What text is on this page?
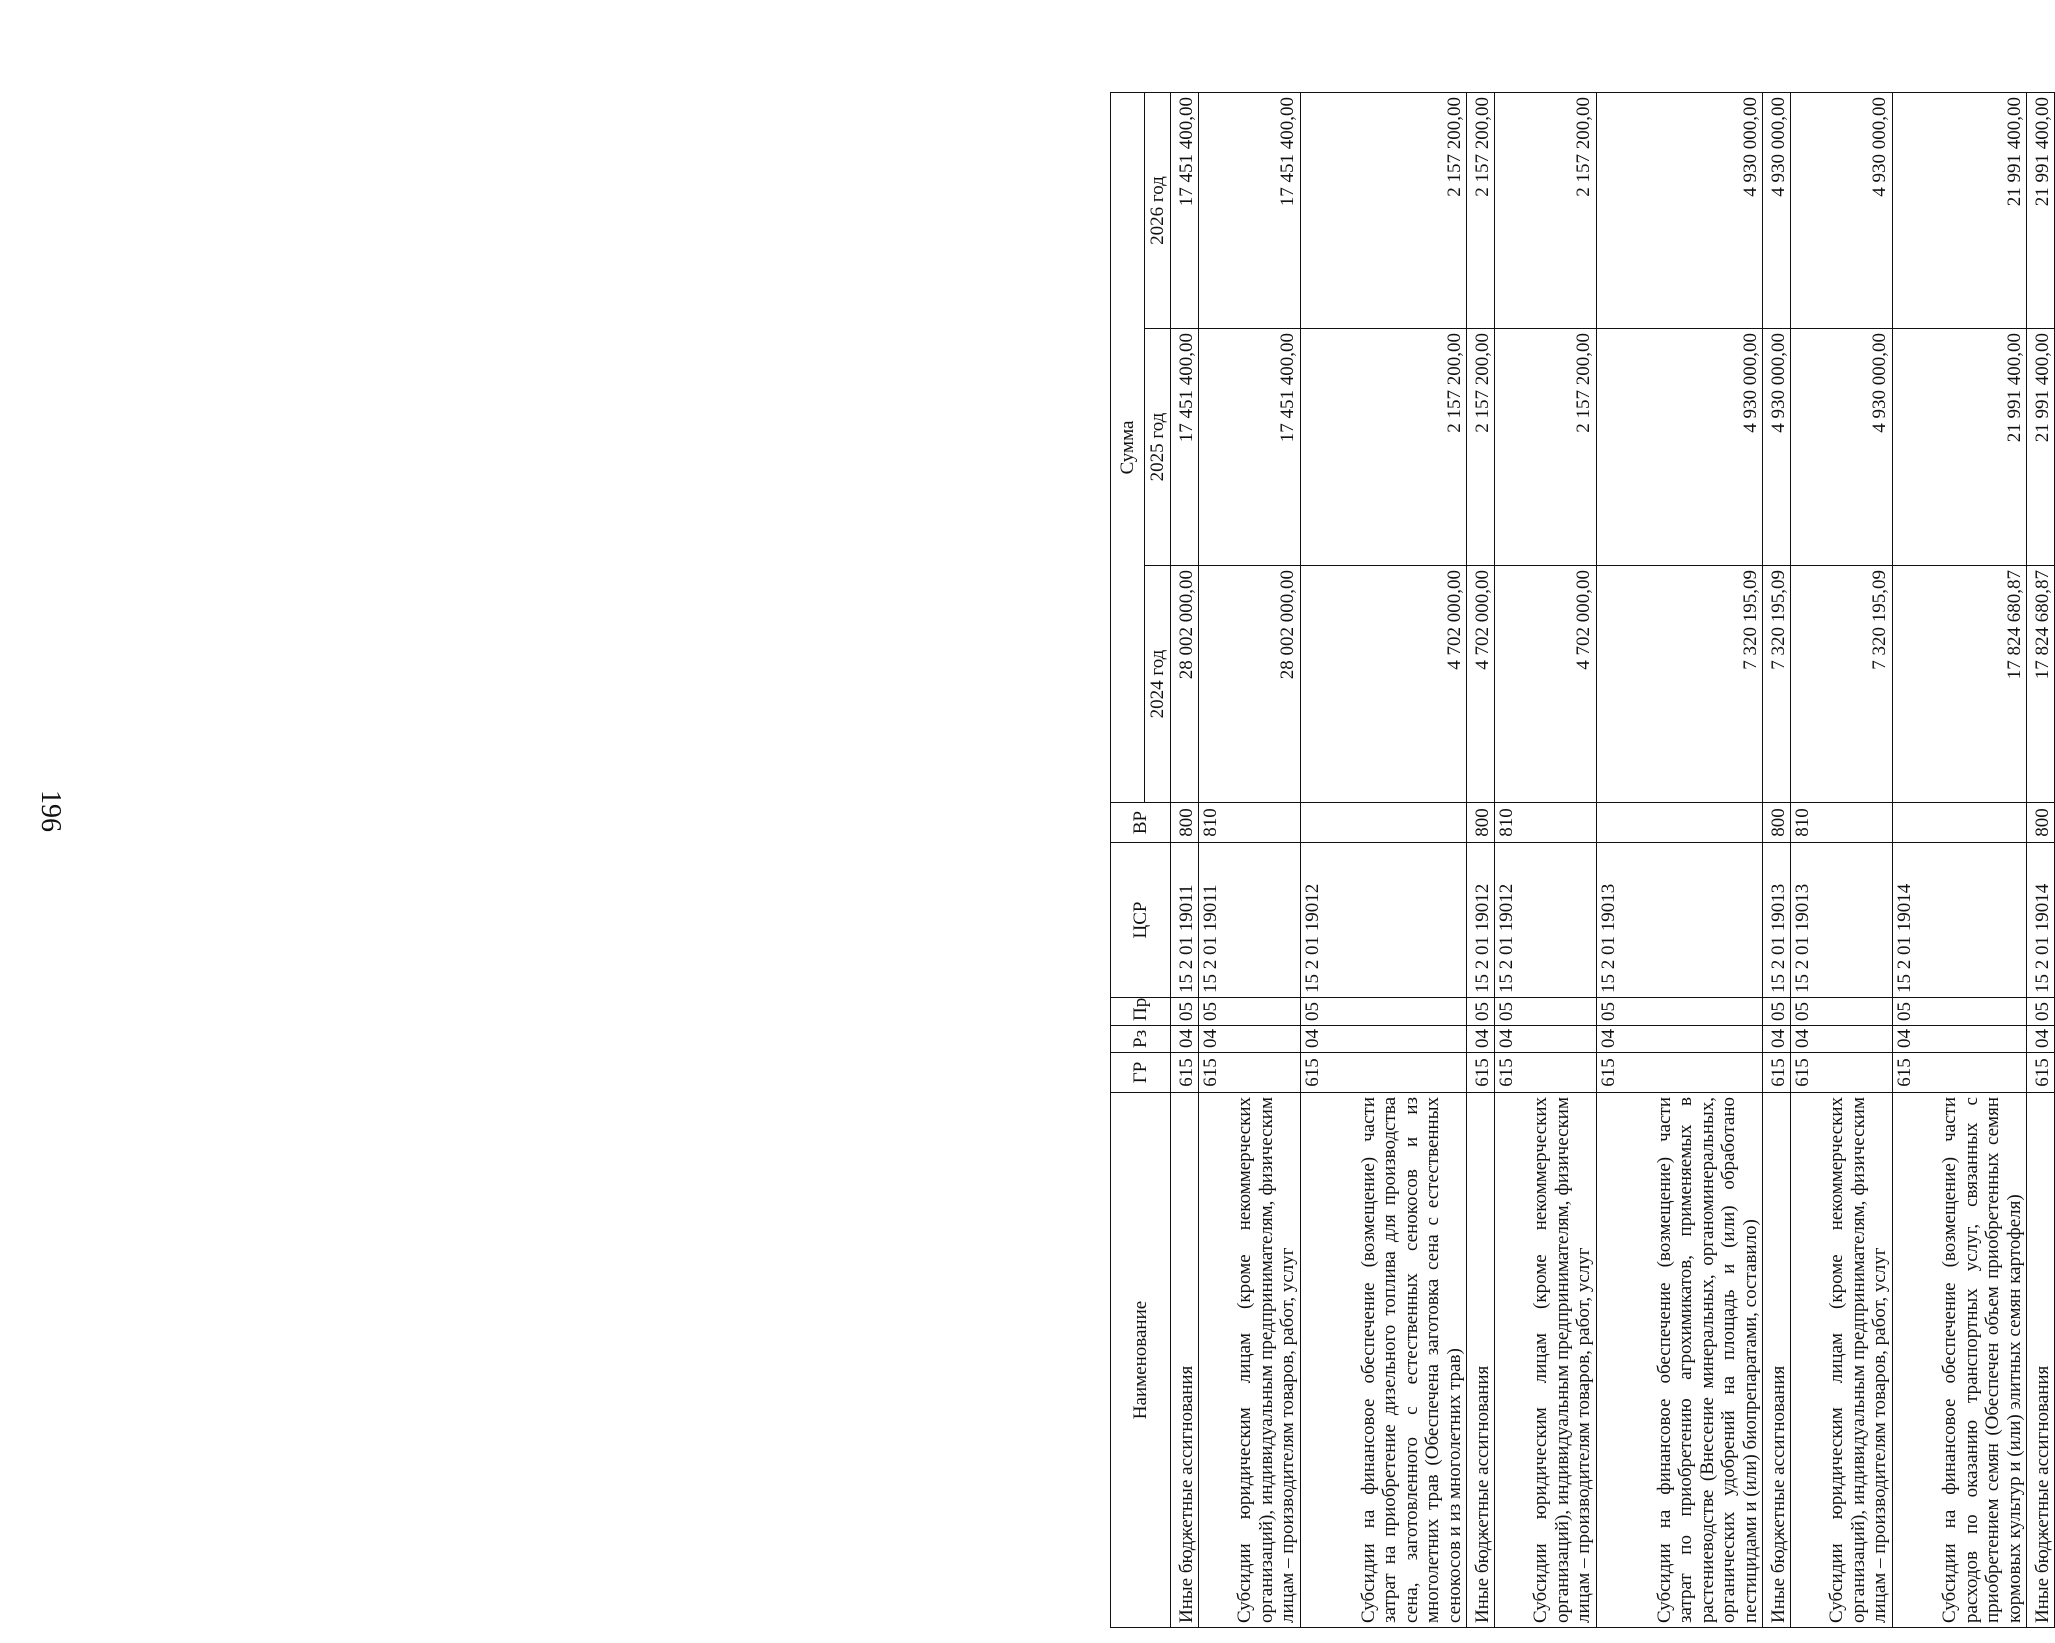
196
Наименование	ГР	Рз	Пр	ЦСР	ВР	Сумма		
						2024 год	2025 год	2026 год
Иные бюджетные ассигнования	615	04	05	15 2 01 19011	800	28 002 000,00	17 451 400,00	17 451 400,00
Субсидии юридическим лицам (кроме некоммерческих организаций), индивидуальным предпринимателям, физическим лицам – производителям товаров, работ, услуг	615	04	05	15 2 01 19011	810	28 002 000,00	17 451 400,00	17 451 400,00
Субсидии на финансовое обеспечение (возмещение) части затрат на приобретение дизельного топлива для производства сена, заготовленного с естественных сенокосов и из многолетних трав (Обеспечена заготовка сена с естественных сенокосов и из многолетних трав)	615	04	05	15 2 01 19012		4 702 000,00	2 157 200,00	2 157 200,00
Иные бюджетные ассигнования	615	04	05	15 2 01 19012	800	4 702 000,00	2 157 200,00	2 157 200,00
Субсидии юридическим лицам (кроме некоммерческих организаций), индивидуальным предпринимателям, физическим лицам – производителям товаров, работ, услуг	615	04	05	15 2 01 19012	810	4 702 000,00	2 157 200,00	2 157 200,00
Субсидии на финансовое обеспечение (возмещение) части затрат по приобретению агрохимикатов, применяемых в растениеводстве (Внесение минеральных, органоминеральных, органических удобрений на площадь и (или) обработано пестицидами и (или) биопрепаратами, составило)	615	04	05	15 2 01 19013		7 320 195,09	4 930 000,00	4 930 000,00
Иные бюджетные ассигнования	615	04	05	15 2 01 19013	800	7 320 195,09	4 930 000,00	4 930 000,00
Субсидии юридическим лицам (кроме некоммерческих организаций), индивидуальным предпринимателям, физическим лицам – производителям товаров, работ, услуг	615	04	05	15 2 01 19013	810	7 320 195,09	4 930 000,00	4 930 000,00
Субсидии на финансовое обеспечение (возмещение) части расходов по оказанию транспортных услуг, связанных с приобретением семян (Обеспечен объем приобретенных семян кормовых культур и (или) элитных семян картофеля)	615	04	05	15 2 01 19014		17 824 680,87	21 991 400,00	21 991 400,00
Иные бюджетные ассигнования	615	04	05	15 2 01 19014	800	17 824 680,87	21 991 400,00	21 991 400,00
